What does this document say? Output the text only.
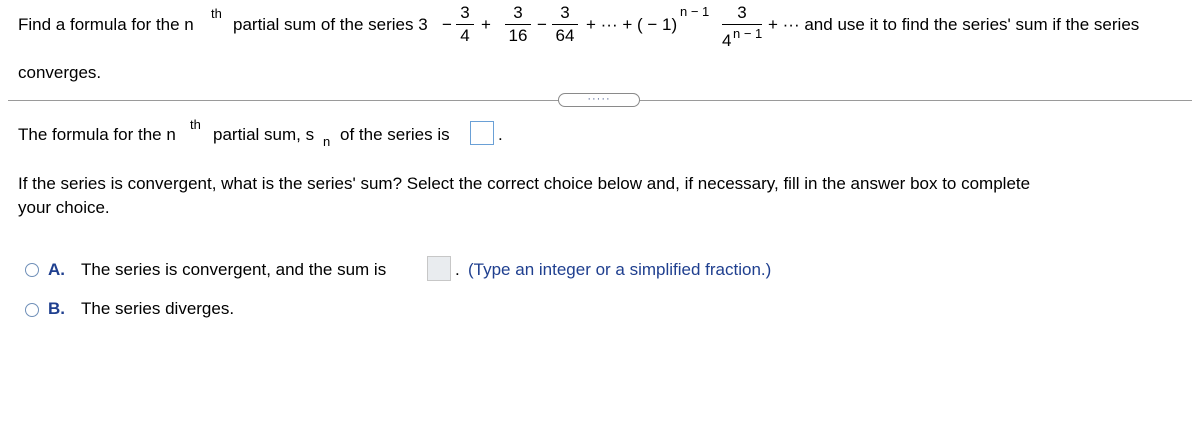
Find a formula for the n
th
partial sum of the series 3 −
3
4
+
3
16
−
3
64
+ ··· + ( − 1)
n − 1	3
4 n − 1 + ··· and use it to find the series' sum if the series
converges.
·····
The formula for the n
th
partial sum, s n of the series is	.
If the series is convergent, what is the series' sum? Select the correct choice below and, if necessary, fill in the answer box to complete
your choice.
A. The series is convergent, and the sum is	. (Type an integer or a simplified fraction.)
B. The series diverges.
